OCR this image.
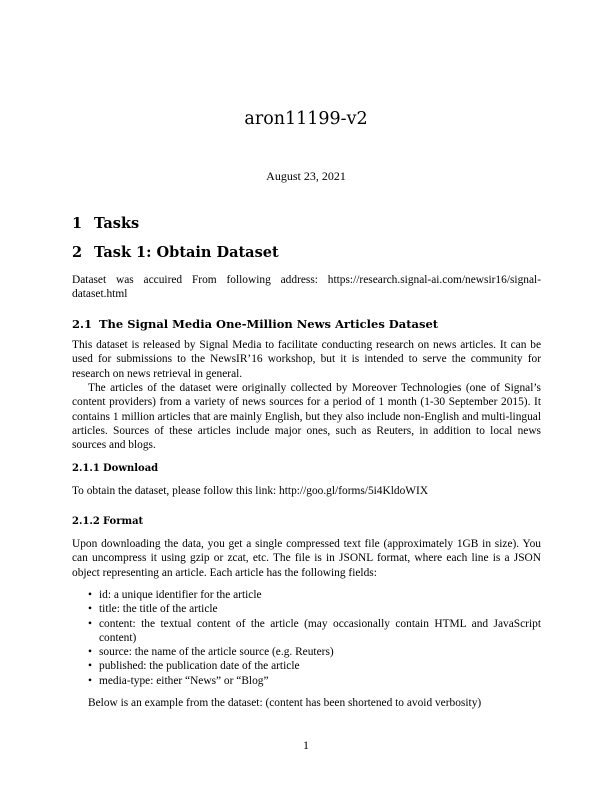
aron11199-v2
August 23, 2021
1 Tasks
2 Task 1: Obtain Dataset
Dataset was accuired From following address: https://research.signal-ai.com/newsir16/signal-dataset.html
2.1 The Signal Media One-Million News Articles Dataset
This dataset is released by Signal Media to facilitate conducting research on news articles. It can be used for submissions to the NewsIR’16 workshop, but it is intended to serve the community for research on news retrieval in general.
The articles of the dataset were originally collected by Moreover Technologies (one of Signal’s content providers) from a variety of news sources for a period of 1 month (1-30 September 2015). It contains 1 million articles that are mainly English, but they also include non-English and multi-lingual articles. Sources of these articles include major ones, such as Reuters, in addition to local news sources and blogs.
2.1.1 Download
To obtain the dataset, please follow this link: http://goo.gl/forms/5i4KldoWIX
2.1.2 Format
Upon downloading the data, you get a single compressed text file (approximately 1GB in size). You can uncompress it using gzip or zcat, etc. The file is in JSONL format, where each line is a JSON object representing an article. Each article has the following fields:
• id: a unique identifier for the article
• title: the title of the article
• content: the textual content of the article (may occasionally contain HTML and JavaScript content)
• source: the name of the article source (e.g. Reuters)
• published: the publication date of the article
• media-type: either “News” or “Blog”
Below is an example from the dataset: (content has been shortened to avoid verbosity)
1
